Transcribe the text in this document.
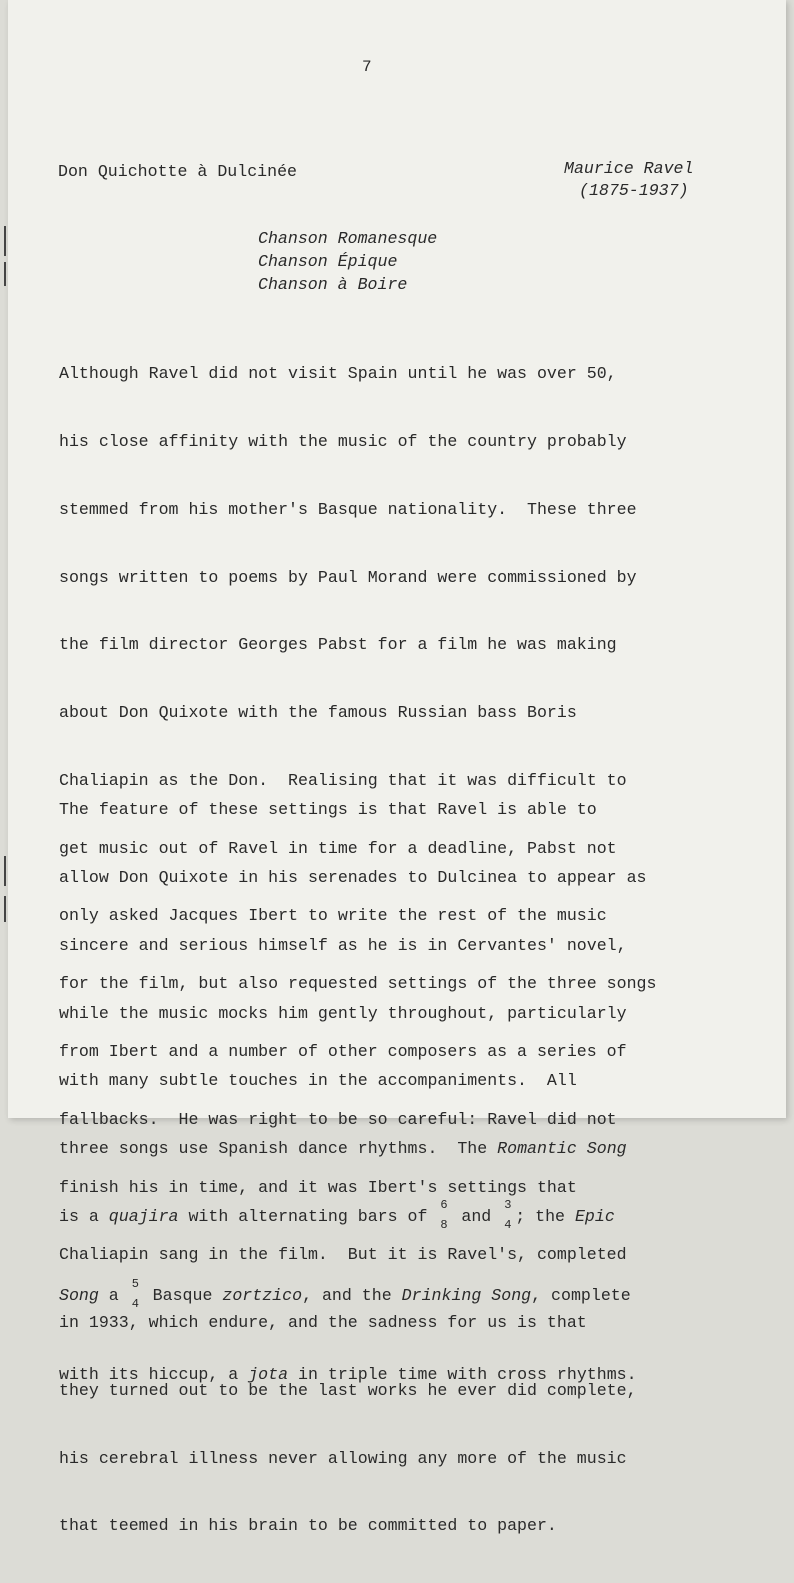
7
Don Quichotte à Dulcinée	Maurice Ravel
(1875-1937)
Chanson Romanesque
Chanson Épique
Chanson à Boire

Although Ravel did not visit Spain until he was over 50,

his close affinity with the music of the country probably

stemmed from his mother's Basque nationality.  These three

songs written to poems by Paul Morand were commissioned by

the film director Georges Pabst for a film he was making

about Don Quixote with the famous Russian bass Boris

Chaliapin as the Don.  Realising that it was difficult to

get music out of Ravel in time for a deadline, Pabst not

only asked Jacques Ibert to write the rest of the music

for the film, but also requested settings of the three songs

from Ibert and a number of other composers as a series of

fallbacks.  He was right to be so careful: Ravel did not

finish his in time, and it was Ibert's settings that

Chaliapin sang in the film.  But it is Ravel's, completed

in 1933, which endure, and the sadness for us is that

they turned out to be the last works he ever did complete,

his cerebral illness never allowing any more of the music

that teemed in his brain to be committed to paper.

The feature of these settings is that Ravel is able to

allow Don Quixote in his serenades to Dulcinea to appear as

sincere and serious himself as he is in Cervantes' novel,

while the music mocks him gently throughout, particularly

with many subtle touches in the accompaniments.  All

three songs use Spanish dance rhythms.  The Romantic Song

is a quajira with alternating bars of
6
8 and
3
4 ; the Epic

Song a
5
4 Basque zortzico, and the Drinking Song, complete

with its hiccup, a jota in triple time with cross rhythms.
